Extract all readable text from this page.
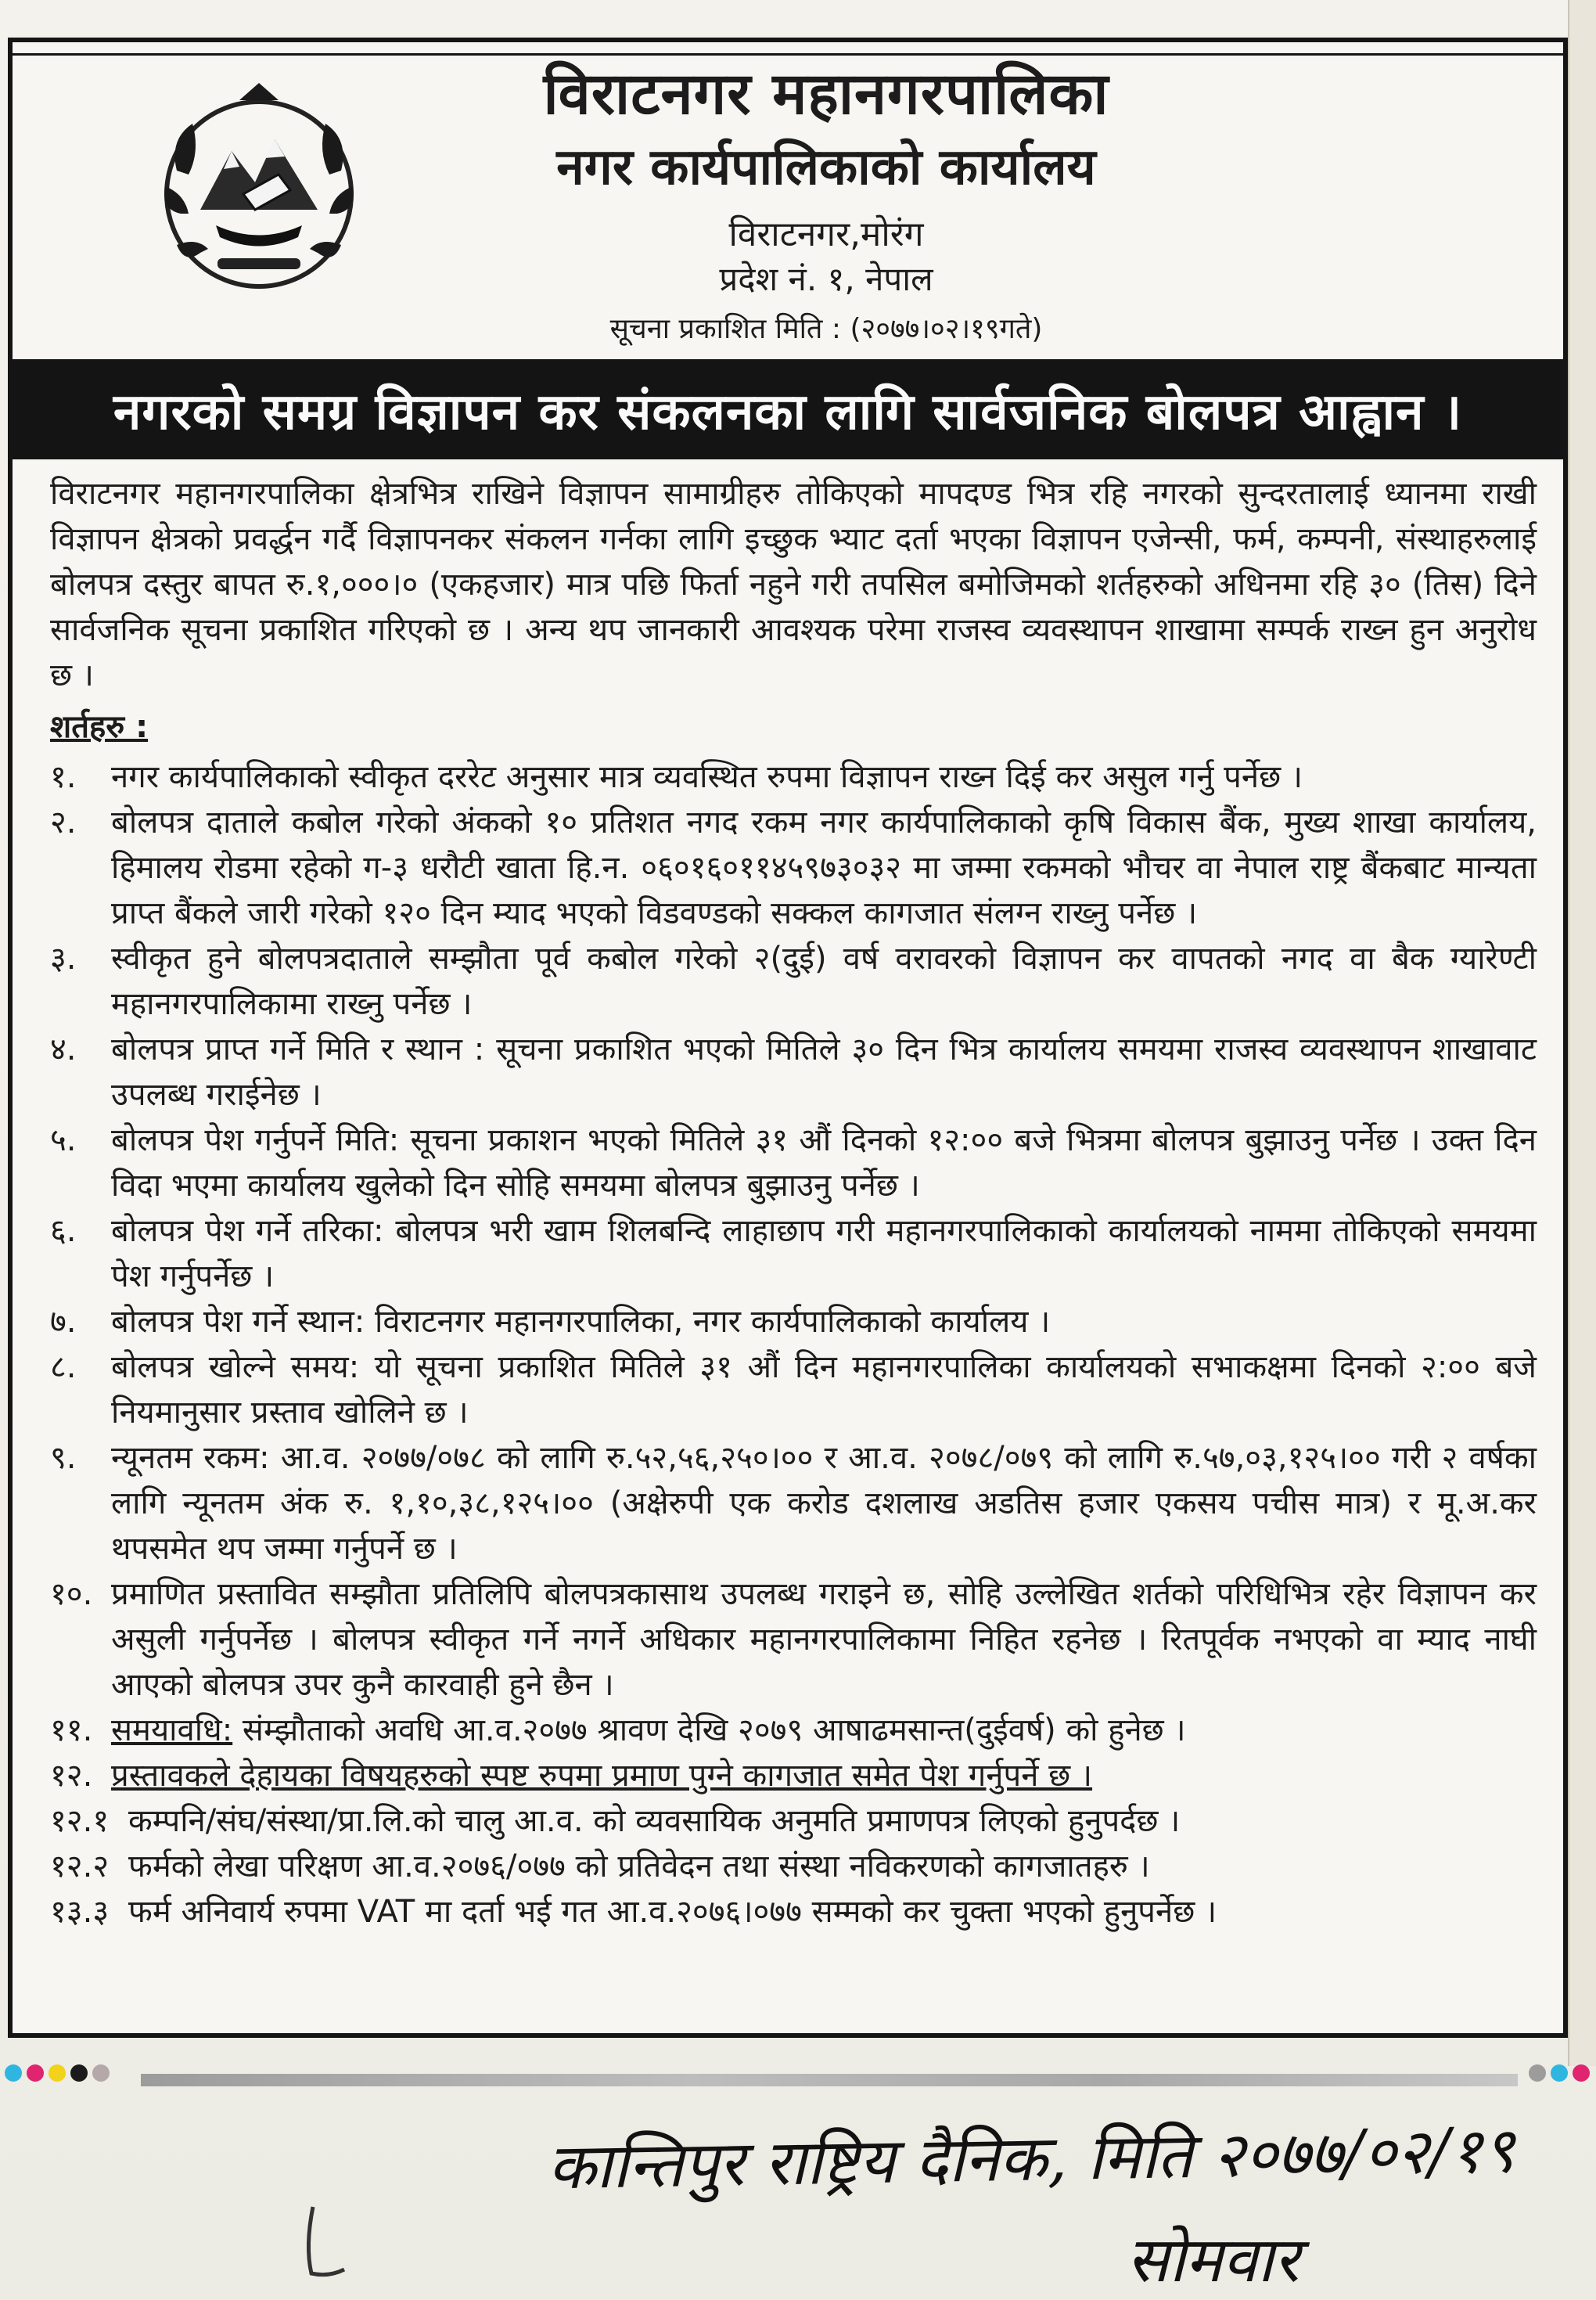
विराटनगर महानगरपालिका
नगर कार्यपालिकाको कार्यालय
विराटनगर,मोरंग
प्रदेश नं. १, नेपाल
सूचना प्रकाशित मिति : (२०७७।०२।१९गते)
नगरको समग्र विज्ञापन कर संकलनका लागि सार्वजनिक बोलपत्र आह्वान ।

विराटनगर महानगरपालिका क्षेत्रभित्र राखिने विज्ञापन सामाग्रीहरु तोकिएको मापदण्ड भित्र रहि नगरको सुन्दरतालाई ध्यानमा राखी विज्ञापन क्षेत्रको प्रवर्द्धन गर्दै विज्ञापनकर संकलन गर्नका लागि इच्छुक भ्याट दर्ता भएका विज्ञापन एजेन्सी, फर्म, कम्पनी, संस्थाहरुलाई बोलपत्र दस्तुर बापत रु.१,०००।० (एकहजार) मात्र पछि फिर्ता नहुने गरी तपसिल बमोजिमको शर्तहरुको अधिनमा रहि ३० (तिस) दिने सार्वजनिक सूचना प्रकाशित गरिएको छ । अन्य थप जानकारी आवश्यक परेमा राजस्व व्यवस्थापन शाखामा सम्पर्क राख्न हुन अनुरोध छ ।

शर्तहरु :
१.	नगर कार्यपालिकाको स्वीकृत दररेट अनुसार मात्र व्यवस्थित रुपमा विज्ञापन राख्न दिई कर असुल गर्नु पर्नेछ ।
२.	बोलपत्र दाताले कबोल गरेको अंकको १० प्रतिशत नगद रकम नगर कार्यपालिकाको कृषि विकास बैंक, मुख्य शाखा कार्यालय, हिमालय रोडमा रहेको ग-३ धरौटी खाता हि.न. ०६०१६०११४५९७३०३२ मा जम्मा रकमको भौचर वा नेपाल राष्ट्र बैंकबाट मान्यता प्राप्त बैंकले जारी गरेको १२० दिन म्याद भएको विडवण्डको सक्कल कागजात संलग्न राख्नु पर्नेछ ।
३.	स्वीकृत हुने बोलपत्रदाताले सम्झौता पूर्व कबोल गरेको २(दुई) वर्ष वरावरको विज्ञापन कर वापतको नगद वा बैक ग्यारेण्टी महानगरपालिकामा राख्नु पर्नेछ ।
४.	बोलपत्र प्राप्त गर्ने मिति र स्थान : सूचना प्रकाशित भएको मितिले ३० दिन भित्र कार्यालय समयमा राजस्व व्यवस्थापन शाखावाट उपलब्ध गराईनेछ ।
५.	बोलपत्र पेश गर्नुपर्ने मिति: सूचना प्रकाशन भएको मितिले ३१ औं दिनको १२:०० बजे भित्रमा बोलपत्र बुझाउनु पर्नेछ । उक्त दिन विदा भएमा कार्यालय खुलेको दिन सोहि समयमा बोलपत्र बुझाउनु पर्नेछ ।
६.	बोलपत्र पेश गर्ने तरिका: बोलपत्र भरी खाम शिलबन्दि लाहाछाप गरी महानगरपालिकाको कार्यालयको नाममा तोकिएको समयमा पेश गर्नुपर्नेछ ।
७.	बोलपत्र पेश गर्ने स्थान: विराटनगर महानगरपालिका, नगर कार्यपालिकाको कार्यालय ।
८.	बोलपत्र खोल्ने समय: यो सूचना प्रकाशित मितिले ३१ औं दिन महानगरपालिका कार्यालयको सभाकक्षमा दिनको २:०० बजे नियमानुसार प्रस्ताव खोलिने छ ।
९.	न्यूनतम रकम: आ.व. २०७७/०७८ को लागि रु.५२,५६,२५०।०० र आ.व. २०७८/०७९ को लागि रु.५७,०३,१२५।०० गरी २ वर्षका लागि न्यूनतम अंक रु. १,१०,३८,१२५।०० (अक्षेरुपी एक करोड दशलाख अडतिस हजार एकसय पचीस मात्र) र मू.अ.कर थपसमेत थप जम्मा गर्नुपर्ने छ ।
१०. प्रमाणित प्रस्तावित सम्झौता प्रतिलिपि बोलपत्रकासाथ उपलब्ध गराइने छ, सोहि उल्लेखित शर्तको परिधिभित्र रहेर विज्ञापन कर असुली गर्नुपर्नेछ । बोलपत्र स्वीकृत गर्ने नगर्ने अधिकार महानगरपालिकामा निहित रहनेछ । रितपूर्वक नभएको वा म्याद नाघी आएको बोलपत्र उपर कुनै कारवाही हुने छैन ।
११. समयावधि: संम्झौताको अवधि आ.व.२०७७ श्रावण देखि २०७९ आषाढमसान्त(दुईवर्ष) को हुनेछ ।
१२. प्रस्तावकले देहायका विषयहरुको स्पष्ट रुपमा प्रमाण पुग्ने कागजात समेत पेश गर्नुपर्ने छ ।
१२.१ कम्पनि/संघ/संस्था/प्रा.लि.को चालु आ.व. को व्यवसायिक अनुमति प्रमाणपत्र लिएको हुनुपर्दछ ।
१२.२ फर्मको लेखा परिक्षण आ.व.२०७६/०७७ को प्रतिवेदन तथा संस्था नविकरणको कागजातहरु ।
१३.३ फर्म अनिवार्य रुपमा VAT मा दर्ता भई गत आ.व.२०७६।०७७ सम्मको कर चुक्ता भएको हुनुपर्नेछ ।
कान्तिपुर राष्ट्रिय दैनिक, मिति २०७७/०२/१९
सोमवार
